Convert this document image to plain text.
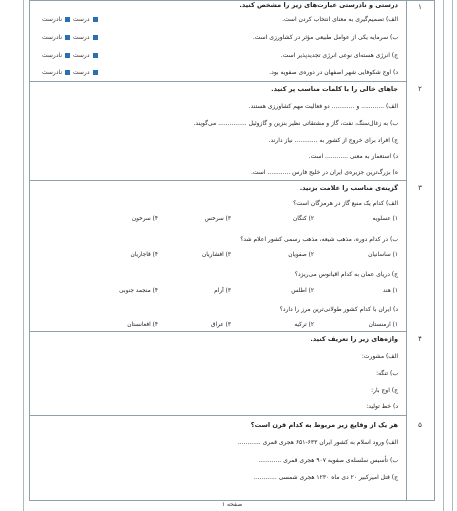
۱
درستی و نادرستی عبارت‌های زیر را مشخص کنید.
الف) تصمیم‌گیری به معنای انتخاب کردن است.
درست
نادرست
ب) سرمایه یکی از عوامل طبیعی مؤثر در کشاورزی است.
درست
نادرست
ج) انرژی هسته‌ای نوعی انرژی تجدیدپذیر است.
درست
نادرست
د) اوج شکوفایی شهر اصفهان در دوره‌ی صفویه بود.
درست
نادرست
۲
جاهای خالی را با کلمات مناسب پر کنید.
الف) ............ و ............ دو فعالیت مهم کشاورزی هستند.
ب) به زغال‌سنگ، نفت، گاز و مشتقاتی نظیر بنزین و گازوئیل ............... می‌گویند.
ج) افراد برای خروج از کشور به ............ نیاز دارند.
د) استعمار به معنی ............ است.
ه) بزرگ‌ترین جزیره‌ی ایران در خلیج فارس ............ است.
۳
گزینه‌ی مناسب را علامت بزنید.
الف) کدام یک منبع گاز در هرمزگان است؟
۱) عسلویه
۲) کنگان
۳) سرخس
۴) سرخون
ب) در کدام دوره، مذهب شیعه، مذهب رسمی کشور اعلام شد؟
۱) ساسانیان
۲) صفویان
۳) افشاریان
۴) قاجاریان
ج) دریای عمان به کدام اقیانوس می‌ریزد؟
۱) هند
۲) اطلس
۳) آرام
۴) منجمد جنوبی
د) ایران با کدام کشور طولانی‌ترین مرز را دارد؟
۱) ارمنستان
۲) ترکیه
۳) عراق
۴) افغانستان
۴
واژه‌های زیر را تعریف کنید.
الف) مشورت:
ب) تنگه:
ج) اوج بار:
د) خط تولید:
۵
هر یک از وقایع زیر مربوط به کدام قرن است؟
الف) ورود اسلام به کشور ایران ۶۳۳-۶۵۱ هجری قمری ............
ب) تأسیس سلسله‌ی صفویه ۹۰۷ هجری قمری ............
ج) قتل امیرکبیر ۲۰ دی ماه ۱۲۳۰ هجری شمسی ............
صفحه ۱
